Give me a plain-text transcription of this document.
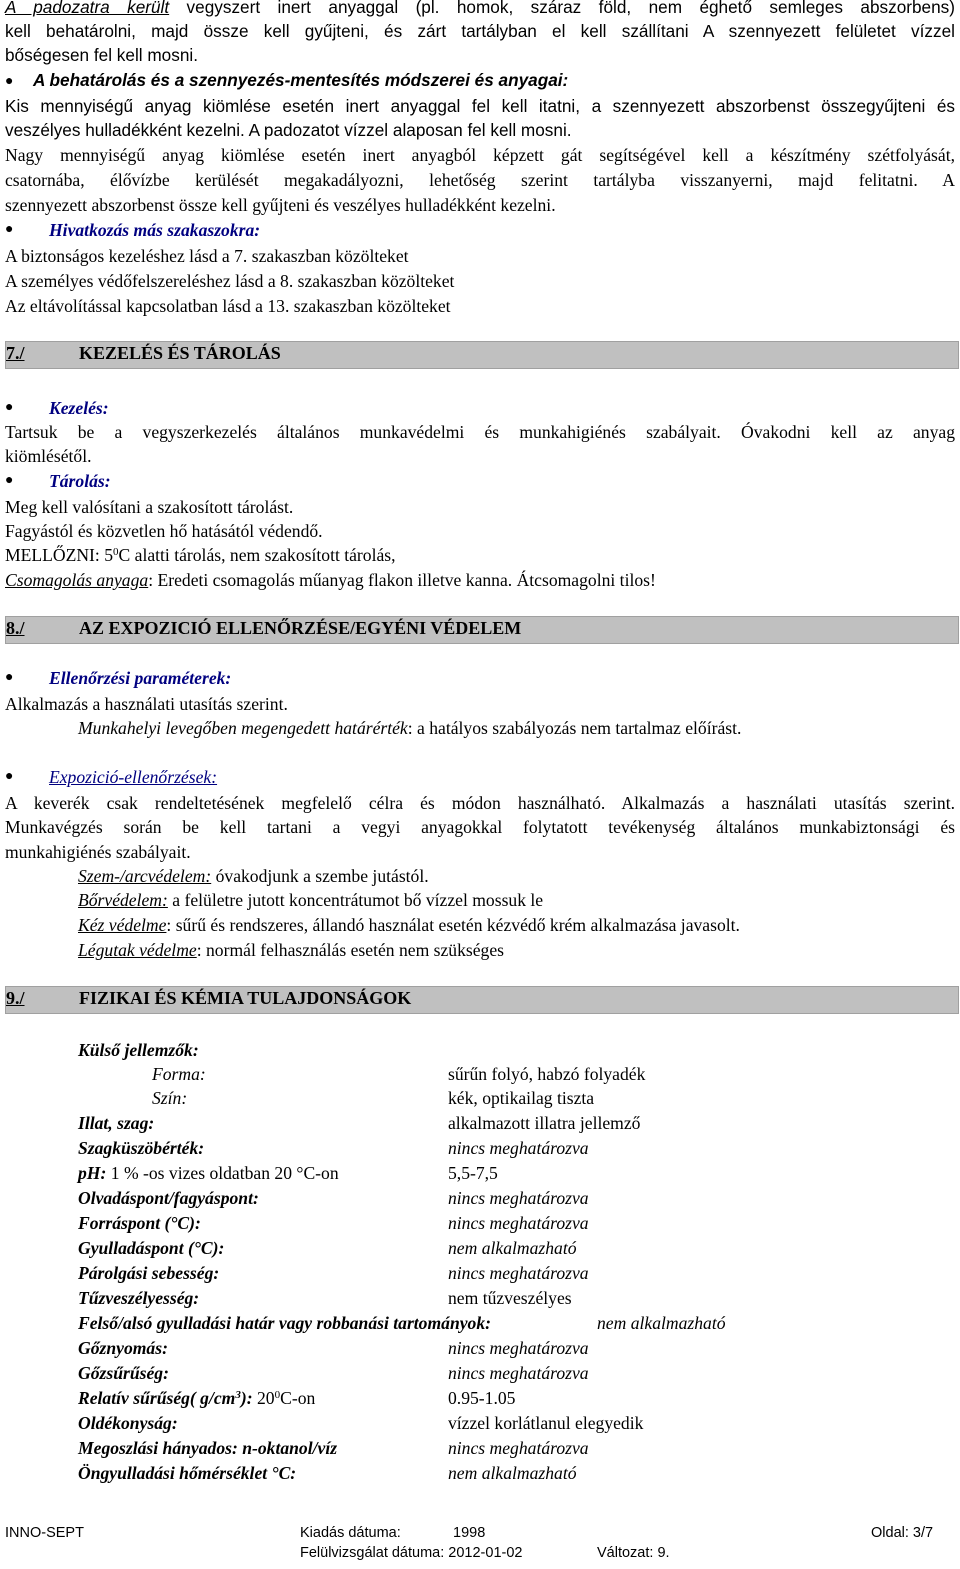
A padozatra került vegyszert inert anyaggal (pl. homok, száraz föld, nem éghető semleges abszorbens)
kell behatárolni, majd össze kell gyűjteni, és zárt tartályban el kell szállítani A szennyezett felületet vízzel
bőségesen fel kell mosni.
● A behatárolás és a szennyezés-mentesítés módszerei és anyagai:
Kis mennyiségű anyag kiömlése esetén inert anyaggal fel kell itatni, a szennyezett abszorbenst összegyűjteni és
veszélyes hulladékként kezelni. A padozatot vízzel alaposan fel kell mosni.
Nagy mennyiségű anyag kiömlése esetén inert anyagból képzett gát segítségével kell a készítmény szétfolyását,
csatornába, élővízbe kerülését megakadályozni, lehetőség szerint tartályba visszanyerni, majd felitatni. A
szennyezett abszorbenst össze kell gyűjteni és veszélyes hulladékként kezelni.
● Hivatkozás más szakaszokra:
A biztonságos kezeléshez lásd a 7. szakaszban közölteket
A személyes védőfelszereléshez lásd a 8. szakaszban közölteket
Az eltávolítással kapcsolatban lásd a 13. szakaszban közölteket
7./	KEZELÉS ÉS TÁROLÁS
● Kezelés:
Tartsuk be a vegyszerkezelés általános munkavédelmi és munkahigiénés szabályait. Óvakodni kell az anyag
kiömlésétől.
● Tárolás:
Meg kell valósítani a szakosított tárolást.
Fagyástól és közvetlen hő hatásától védendő.
MELLŐZNI: $5^0C$ alatti tárolás, nem szakosított tárolás,
Csomagolás anyaga: Eredeti csomagolás műanyag flakon illetve kanna. Átcsomagolni tilos!
8./	AZ EXPOZICIÓ ELLENŐRZÉSE/EGYÉNI VÉDELEM
● Ellenőrzési paraméterek:
Alkalmazás a használati utasítás szerint.
Munkahelyi levegőben megengedett határérték: a hatályos szabályozás nem tartalmaz előírást.
● Expozició-ellenőrzések:
A keverék csak rendeltetésének megfelelő célra és módon használható. Alkalmazás a használati utasítás szerint.
Munkavégzés során be kell tartani a vegyi anyagokkal folytatott tevékenység általános munkabiztonsági és
munkahigiénés szabályait.
Szem-/arcvédelem: óvakodjunk a szembe jutástól.
Bőrvédelem: a felületre jutott koncentrátumot bő vízzel mossuk le
Kéz védelme: sűrű és rendszeres, állandó használat esetén kézvédő krém alkalmazása javasolt.
Légutak védelme: normál felhasználás esetén nem szükséges
9./	FIZIKAI ÉS KÉMIA TULAJDONSÁGOK
Külső jellemzők:
Forma:	sűrűn folyó, habzó folyadék
Szín:	kék, optikailag tiszta
Illat, szag:	alkalmazott illatra jellemző
Szagküszöbérték:	nincs meghatározva
pH: 1 % -os vizes oldatban 20 °C-on	5,5-7,5
Olvadáspont/fagyáspont:	nincs meghatározva
Forráspont (°C):	nincs meghatározva
Gyulladáspont (°C):	nem alkalmazható
Párolgási sebesség:	nincs meghatározva
Tűzveszélyesség:	nem tűzveszélyes
Felső/alsó gyulladási határ vagy robbanási tartományok:	nem alkalmazható
Gőznyomás:	nincs meghatározva
Gőzsűrűség:	nincs meghatározva
Relatív sűrűség( $g/cm^3$): $20^0C-on$	0.95-1.05
Oldékonyság:	vízzel korlátlanul elegyedik
Megoszlási hányados: n-oktanol/víz	nincs meghatározva
Öngyulladási hőmérséklet °C:	nem alkalmazható
INNO-SEPT	Kiadás dátuma:	1998	Oldal: 3/7
Felülvizsgálat dátuma: 2012-01-02	Változat: 9.
